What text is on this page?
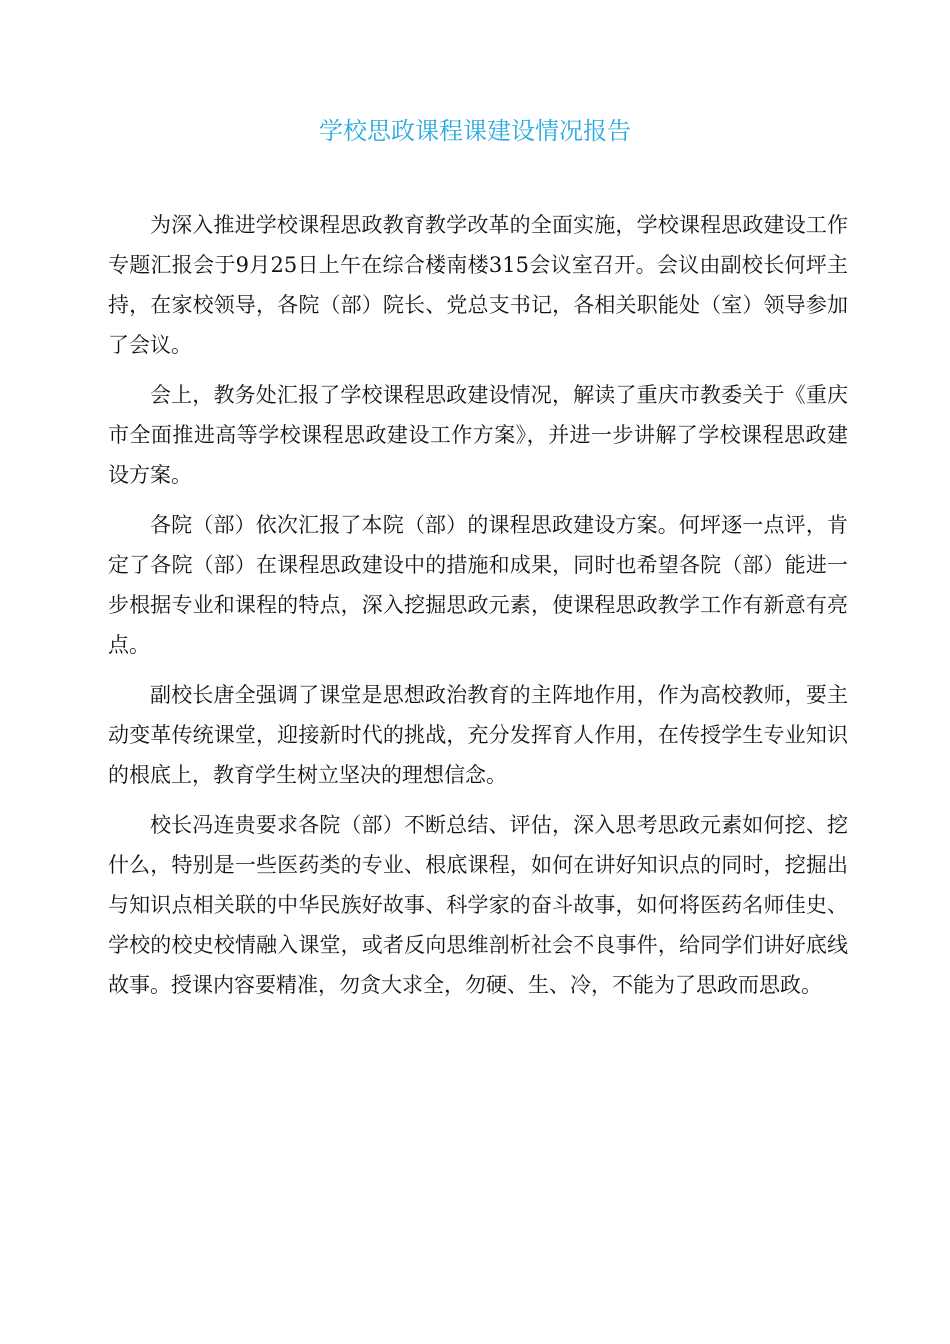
学校思政课程课建设情况报告

为深入推进学校课程思政教育教学改革的全面实施，学校课程思政建设工作专题汇报会于9月25日上午在综合楼南楼315会议室召开。会议由副校长何坪主持，在家校领导，各院（部）院长、党总支书记，各相关职能处（室）领导参加了会议。

会上，教务处汇报了学校课程思政建设情况，解读了重庆市教委关于《重庆市全面推进高等学校课程思政建设工作方案》，并进一步讲解了学校课程思政建设方案。

各院（部）依次汇报了本院（部）的课程思政建设方案。何坪逐一点评，肯定了各院（部）在课程思政建设中的措施和成果，同时也希望各院（部）能进一步根据专业和课程的特点，深入挖掘思政元素，使课程思政教学工作有新意有亮点。

副校长唐全强调了课堂是思想政治教育的主阵地作用，作为高校教师，要主动变革传统课堂，迎接新时代的挑战，充分发挥育人作用，在传授学生专业知识的根底上，教育学生树立坚决的理想信念。

校长冯连贵要求各院（部）不断总结、评估，深入思考思政元素如何挖、挖什么，特别是一些医药类的专业、根底课程，如何在讲好知识点的同时，挖掘出与知识点相关联的中华民族好故事、科学家的奋斗故事，如何将医药名师佳史、学校的校史校情融入课堂，或者反向思维剖析社会不良事件，给同学们讲好底线故事。授课内容要精准，勿贪大求全，勿硬、生、冷，不能为了思政而思政。
